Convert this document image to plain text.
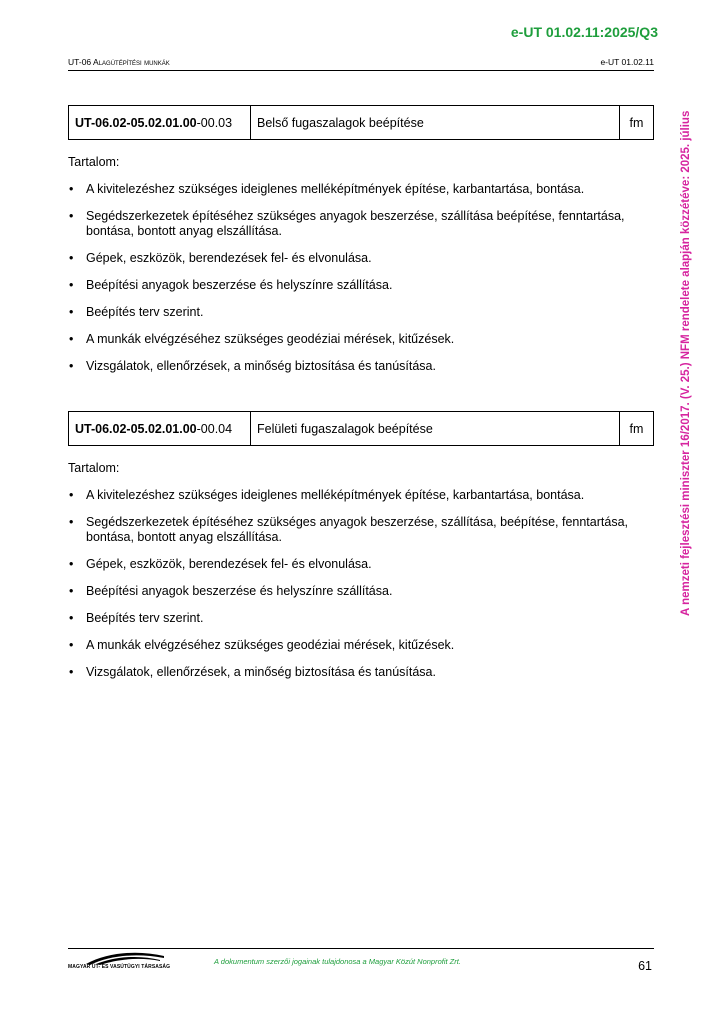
e-UT 01.02.11:2025/Q3
UT-06 Alagútépítési munkák	e-UT 01.02.11
A nemzeti fejlesztési miniszter 16/2017. (V. 25.) NFM rendelete alapján közzétéve: 2025. július
UT-06.02-05.02.01.00-00.03	Belső fugaszalagok beépítése	fm
Tartalom:
• A kivitelezéshez szükséges ideiglenes melléképítmények építése, karbantartása, bontása.
• Segédszerkezetek építéséhez szükséges anyagok beszerzése, szállítása beépítése, fenntartása, bontása, bontott anyag elszállítása.
• Gépek, eszközök, berendezések fel- és elvonulása.
• Beépítési anyagok beszerzése és helyszínre szállítása.
• Beépítés terv szerint.
• A munkák elvégzéséhez szükséges geodéziai mérések, kitűzések.
• Vizsgálatok, ellenőrzések, a minőség biztosítása és tanúsítása.
UT-06.02-05.02.01.00-00.04	Felületi fugaszalagok beépítése	fm
Tartalom:
• A kivitelezéshez szükséges ideiglenes melléképítmények építése, karbantartása, bontása.
• Segédszerkezetek építéséhez szükséges anyagok beszerzése, szállítása, beépítése, fenntartása, bontása, bontott anyag elszállítása.
• Gépek, eszközök, berendezések fel- és elvonulása.
• Beépítési anyagok beszerzése és helyszínre szállítása.
• Beépítés terv szerint.
• A munkák elvégzéséhez szükséges geodéziai mérések, kitűzések.
• Vizsgálatok, ellenőrzések, a minőség biztosítása és tanúsítása.
MAGYAR ÚT- ÉS VASÚTÜGYI TÁRSASÁG
A dokumentum szerzői jogainak tulajdonosa a Magyar Közút Nonprofit Zrt.	61
